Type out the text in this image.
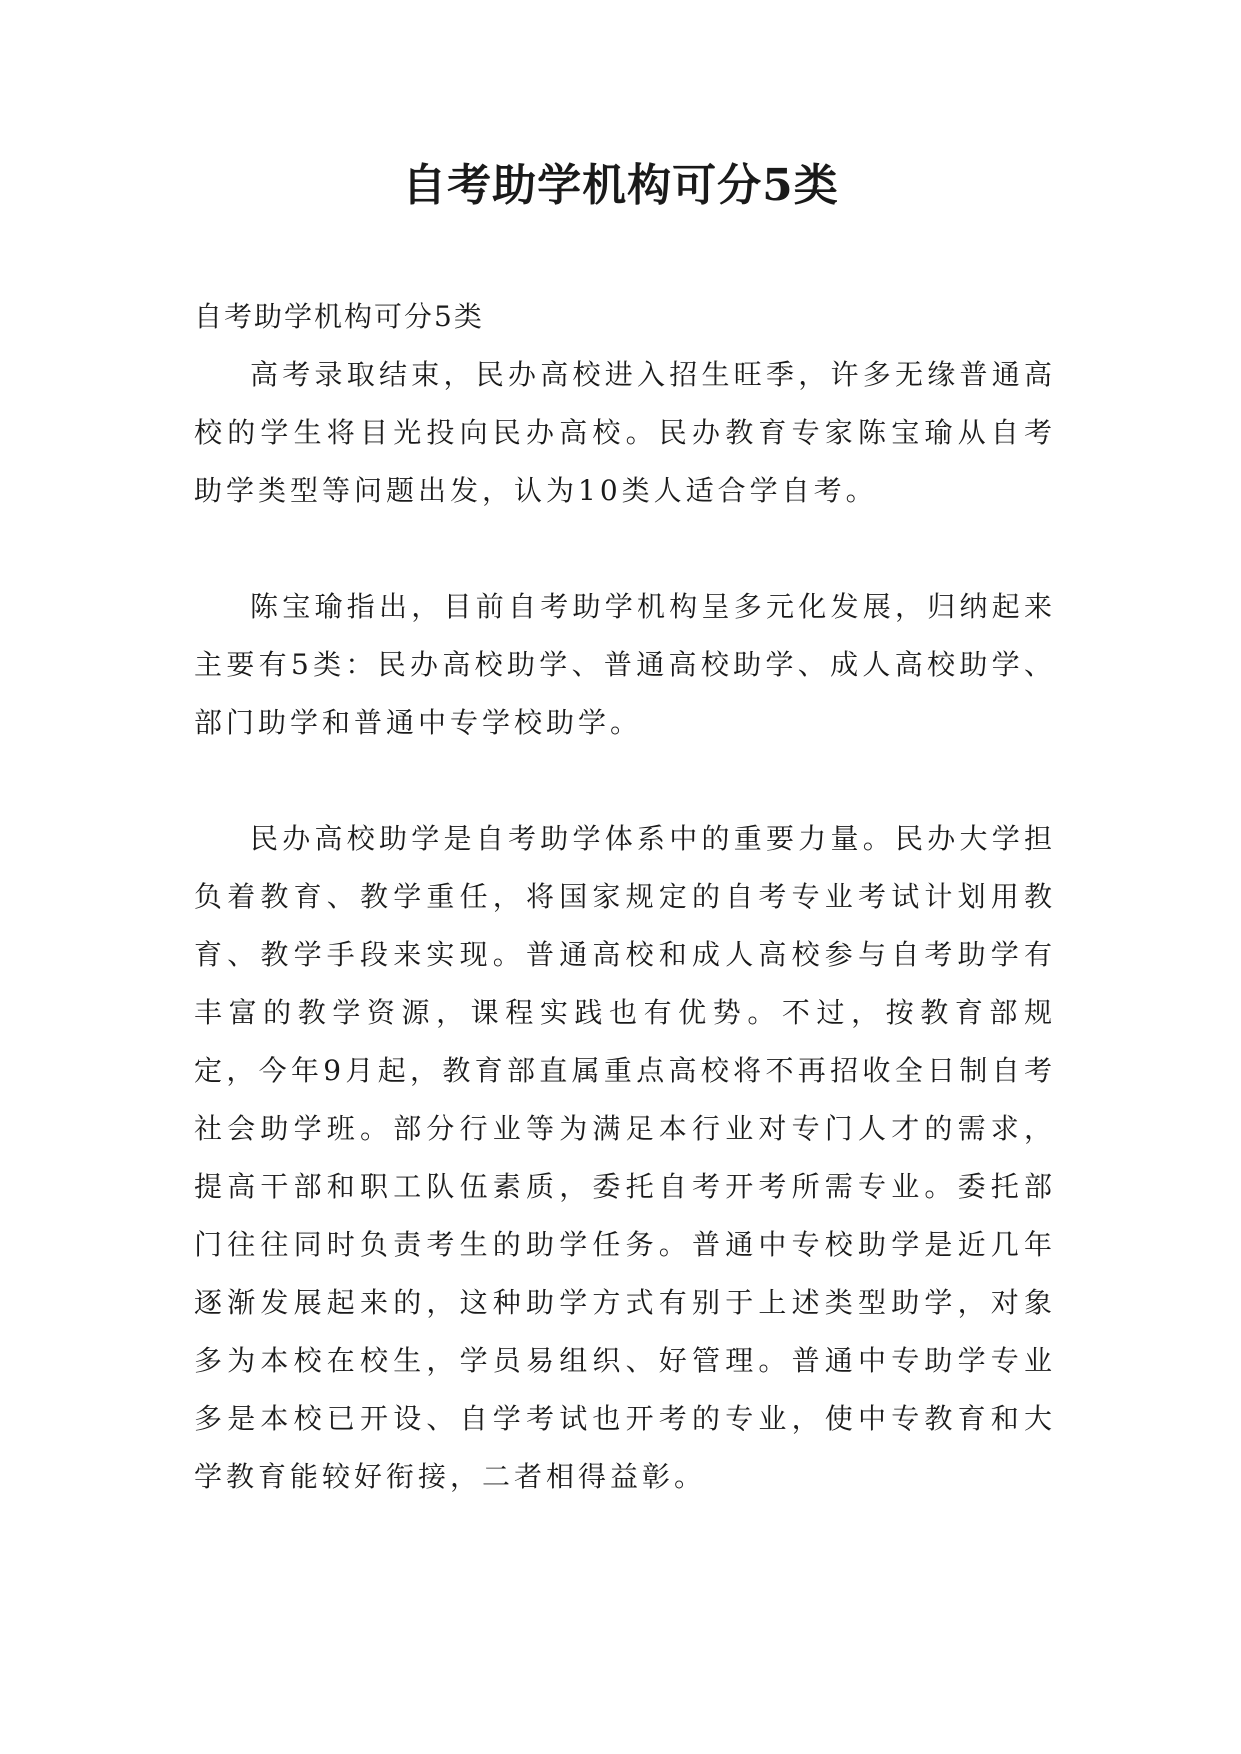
自考助学机构可分5类

自考助学机构可分5类

高考录取结束，民办高校进入招生旺季，许多无缘普通高校的学生将目光投向民办高校。民办教育专家陈宝瑜从自考助学类型等问题出发，认为10类人适合学自考。

陈宝瑜指出，目前自考助学机构呈多元化发展，归纳起来主要有5类：民办高校助学、普通高校助学、成人高校助学、部门助学和普通中专学校助学。

民办高校助学是自考助学体系中的重要力量。民办大学担负着教育、教学重任，将国家规定的自考专业考试计划用教育、教学手段来实现。普通高校和成人高校参与自考助学有丰富的教学资源，课程实践也有优势。不过，按教育部规定，今年9月起，教育部直属重点高校将不再招收全日制自考社会助学班。部分行业等为满足本行业对专门人才的需求，提高干部和职工队伍素质，委托自考开考所需专业。委托部门往往同时负责考生的助学任务。普通中专校助学是近几年逐渐发展起来的，这种助学方式有别于上述类型助学，对象多为本校在校生，学员易组织、好管理。普通中专助学专业多是本校已开设、自学考试也开考的专业，使中专教育和大学教育能较好衔接，二者相得益彰。
